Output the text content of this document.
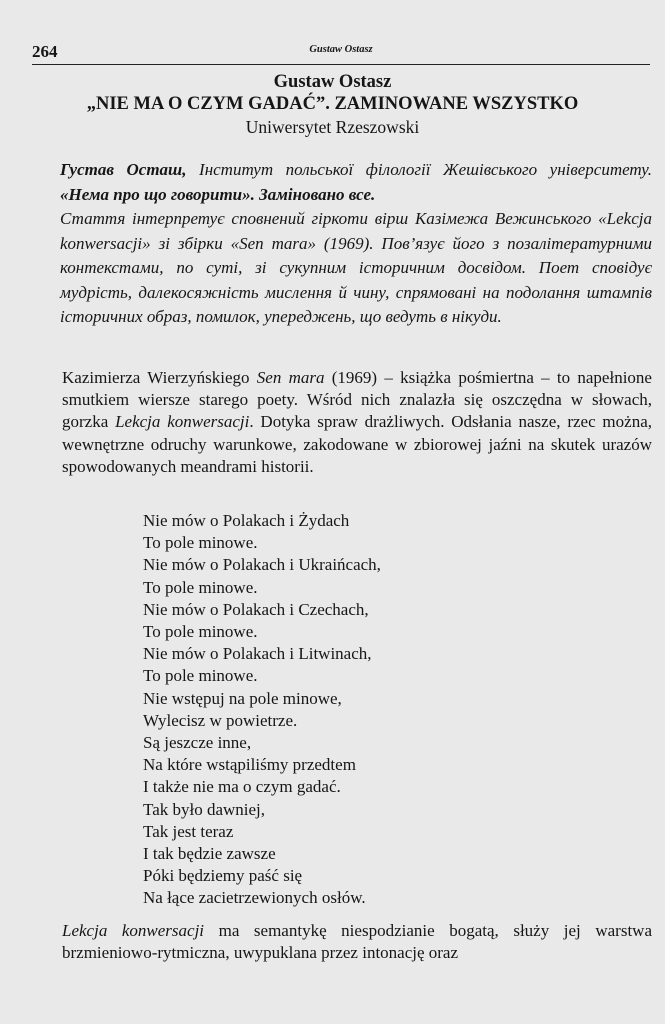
264	Gustaw Ostasz
Gustaw Ostasz
„NIE MA O CZYM GADAĆ”. ZAMINOWANE WSZYSTKO
Uniwersytet Rzeszowski

Густав Осташ, Інститут польської філології Жешівського університету. «Нема про що говорити». Заміновано все.

Стаття інтерпретує сповнений гіркоти вірш Казімежа Вежинського «Lekcja konwersacji» зі збірки «Sen mara» (1969). Пов’язує його з позалітературними контекстами, по суті, зі сукупним історичним досвідом. Поет сповідує мудрість, далекосяжність мислення й чину, спрямовані на подолання штампів історичних образ, помилок, упереджень, що ведуть в нікуди.

Kazimierza Wierzyńskiego Sen mara (1969) – książka pośmiertna – to napełnione smutkiem wiersze starego poety. Wśród nich znalazła się oszczędna w słowach, gorzka Lekcja konwersacji. Dotyka spraw drażliwych. Odsłania nasze, rzec można, wewnętrzne odruchy warunkowe, zakodowane w zbiorowej jaźni na skutek urazów spowodowanych meandrami historii.

Nie mów o Polakach i Żydach
To pole minowe.
Nie mów o Polakach i Ukraińcach,
To pole minowe.
Nie mów o Polakach i Czechach,
To pole minowe.
Nie mów o Polakach i Litwinach,
To pole minowe.
Nie wstępuj na pole minowe,
Wylecisz w powietrze.
Są jeszcze inne,
Na które wstąpiliśmy przedtem
I także nie ma o czym gadać.
Tak było dawniej,
Tak jest teraz
I tak będzie zawsze
Póki będziemy paść się
Na łące zacietrzewionych osłów.

Lekcja konwersacji ma semantykę niespodzianie bogatą, służy jej warstwa brzmieniowo-rytmiczna, uwypuklana przez intonację oraz
